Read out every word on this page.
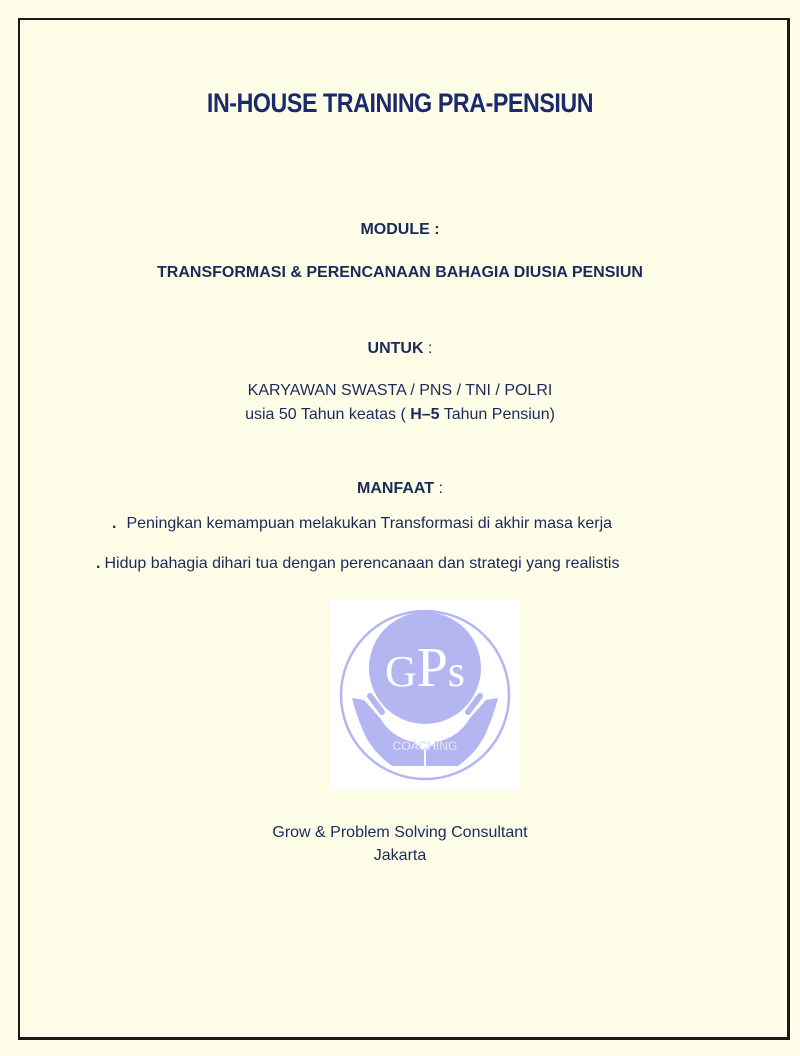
IN-HOUSE TRAINING PRA-PENSIUN
MODULE :
TRANSFORMASI & PERENCANAAN BAHAGIA DIUSIA PENSIUN
UNTUK :
KARYAWAN SWASTA / PNS / TNI / POLRI
usia 50 Tahun keatas ( H–5 Tahun Pensiun)
MANFAAT :
. Peningkan kemampuan melakukan Transformasi di akhir masa kerja
. Hidup bahagia dihari tua dengan perencanaan dan strategi yang realistis
GPs
COACHING
Grow & Problem Solving Consultant
Jakarta
